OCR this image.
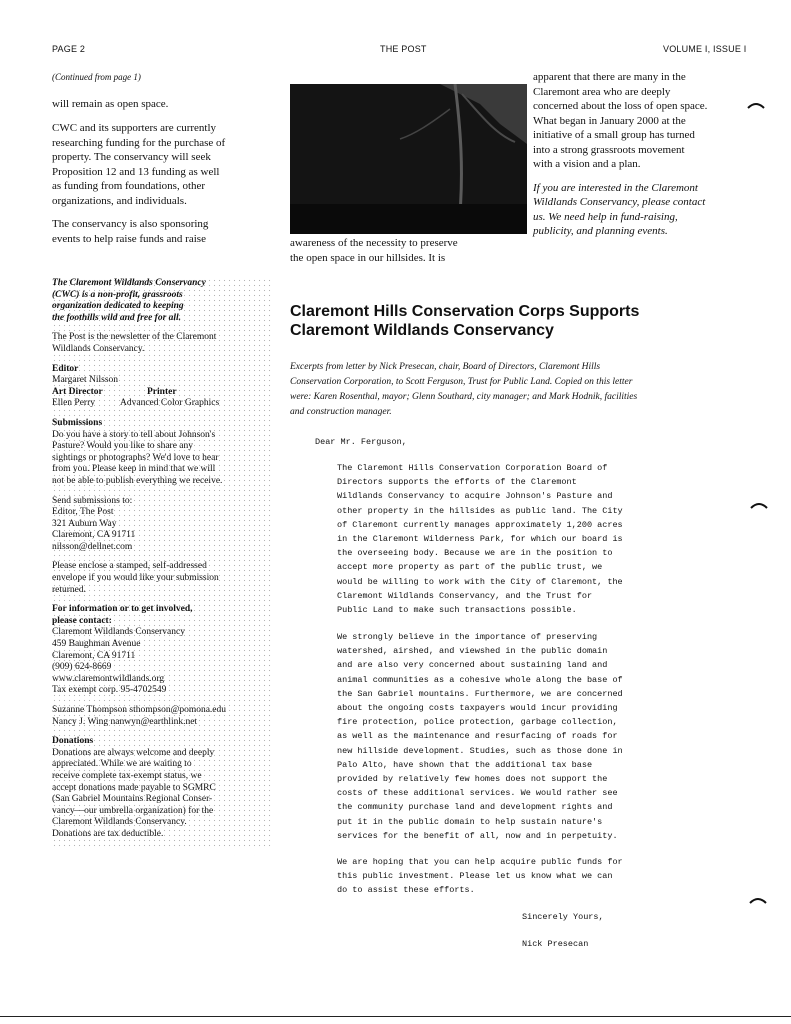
PAGE 2	THE POST	VOLUME I, ISSUE I

(Continued from page 1)

will remain as open space.

CWC and its supporters are currently
researching funding for the purchase of
property. The conservancy will seek
Proposition 12 and 13 funding as well
as funding from foundations, other
organizations, and individuals.
The conservancy is also sponsoring
events to help raise funds and raise

The Claremont Wildlands Conservancy
(CWC) is a non-profit, grassroots
organization dedicated to keeping
the foothills wild and free for all.

The Post is the newsletter of the Claremont
Wildlands Conservancy.

Editor
Margaret Nilsson
Art Director	Printer
Ellen Perry	Advanced Color Graphics

Submissions
Do you have a story to tell about Johnson's
Pasture? Would you like to share any
sightings or photographs? We'd love to hear
from you. Please keep in mind that we will
not be able to publish everything we receive.

Send submissions to:
Editor, The Post
321 Auburn Way
Claremont, CA 91711
nilsson@dellnet.com

Please enclose a stamped, self-addressed
envelope if you would like your submission
returned.

For information or to get involved,
please contact:
Claremont Wildlands Conservancy
459 Baughman Avenue
Claremont, CA 91711
(909) 624-8669
www.claremontwildlands.org
Tax exempt corp. 95-4702549

Suzanne Thompson sthompson@pomona.edu
Nancy J. Wing nanwyn@earthlink.net

Donations
Donations are always welcome and deeply
appreciated. While we are waiting to
receive complete tax-exempt status, we
accept donations made payable to SGMRC
(San Gabriel Mountains Regional Conser-
vancy—our umbrella organization) for the
Claremont Wildlands Conservancy.
Donations are tax deductible.

awareness of the necessity to preserve
the open space in our hillsides. It is
apparent that there are many in the
Claremont area who are deeply
concerned about the loss of open space.
What began in January 2000 at the
initiative of a small group has turned
into a strong grassroots movement
with a vision and a plan.
If you are interested in the Claremont
Wildlands Conservancy, please contact
us. We need help in fund-raising,
publicity, and planning events.
Claremont Hills Conservation Corps Supports
Claremont Wildlands Conservancy
Excerpts from letter by Nick Presecan, chair, Board of Directors, Claremont Hills
Conservation Corporation, to Scott Ferguson, Trust for Public Land. Copied on this letter
were: Karen Rosenthal, mayor; Glenn Southard, city manager; and Mark Hodnik, facilities
and construction manager.
Dear Mr. Ferguson,
The Claremont Hills Conservation Corporation Board of
Directors supports the efforts of the Claremont
Wildlands Conservancy to acquire Johnson's Pasture and
other property in the hillsides as public land. The City
of Claremont currently manages approximately 1,200 acres
in the Claremont Wilderness Park, for which our board is
the overseeing body. Because we are in the position to
accept more property as part of the public trust, we
would be willing to work with the City of Claremont, the
Claremont Wildlands Conservancy, and the Trust for
Public Land to make such transactions possible.
We strongly believe in the importance of preserving
watershed, airshed, and viewshed in the public domain
and are also very concerned about sustaining land and
animal communities as a cohesive whole along the base of
the San Gabriel mountains. Furthermore, we are concerned
about the ongoing costs taxpayers would incur providing
fire protection, police protection, garbage collection,
as well as the maintenance and resurfacing of roads for
new hillside development. Studies, such as those done in
Palo Alto, have shown that the additional tax base
provided by relatively few homes does not support the
costs of these additional services. We would rather see
the community purchase land and development rights and
put it in the public domain to help sustain nature's
services for the benefit of all, now and in perpetuity.
We are hoping that you can help acquire public funds for
this public investment. Please let us know what we can
do to assist these efforts.
Sincerely Yours,
Nick Presecan
